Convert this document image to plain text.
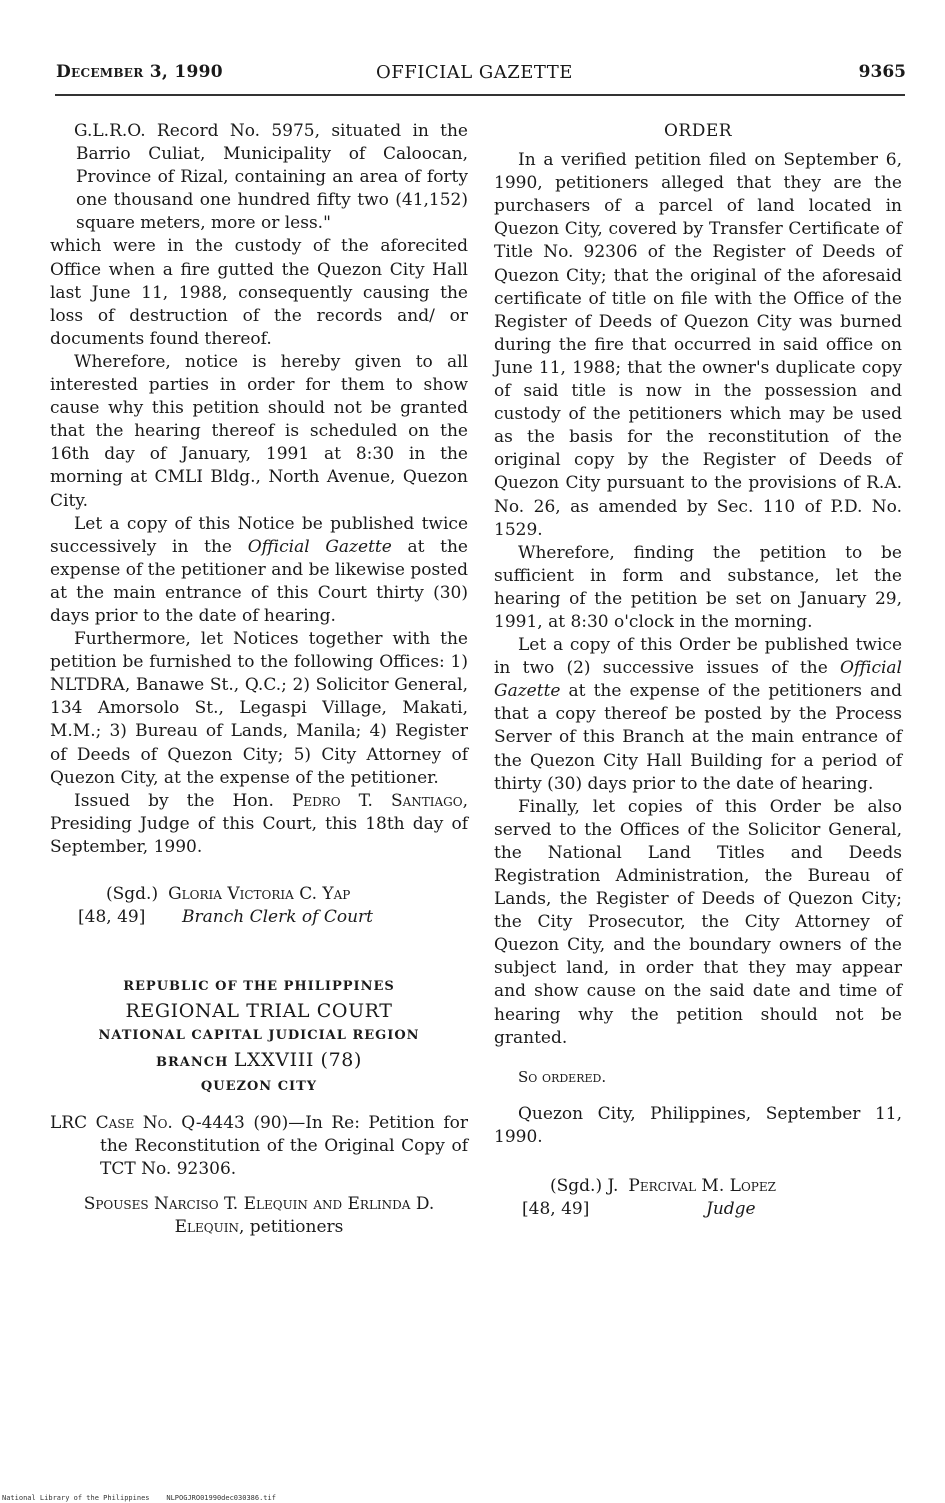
December 3, 1990	OFFICIAL GAZETTE	9365

G.L.R.O. Record No. 5975, situated in the Barrio Culiat, Municipality of Caloocan, Province of Rizal, containing an area of forty one thousand one hundred fifty two (41,152) square meters, more or less."

which were in the custody of the aforecited Office when a fire gutted the Quezon City Hall last June 11, 1988, consequently causing the loss of destruction of the records and/ or documents found thereof.

Wherefore, notice is hereby given to all interested parties in order for them to show cause why this petition should not be granted that the hearing thereof is scheduled on the 16th day of January, 1991 at 8:30 in the morning at CMLI Bldg., North Avenue, Quezon City.

Let a copy of this Notice be published twice successively in the Official Gazette at the expense of the petitioner and be likewise posted at the main entrance of this Court thirty (30) days prior to the date of hearing.

Furthermore, let Notices together with the petition be furnished to the following Offices: 1) NLTDRA, Banawe St., Q.C.; 2) Solicitor General, 134 Amorsolo St., Legaspi Village, Makati, M.M.; 3) Bureau of Lands, Manila; 4) Register of Deeds of Quezon City; 5) City Attorney of Quezon City, at the expense of the petitioner.

Issued by the Hon. Pedro T. Santiago, Presiding Judge of this Court, this 18th day of September, 1990.

(Sgd.) Gloria Victoria C. Yap
[48, 49]	Branch Clerk of Court
REPUBLIC OF THE PHILIPPINES
REGIONAL TRIAL COURT
NATIONAL CAPITAL JUDICIAL REGION
BRANCH LXXVIII (78)
QUEZON CITY

LRC Case No. Q-4443 (90)—In Re: Petition for the Reconstitution of the Original Copy of TCT No. 92306.

Spouses Narciso T. Elequin and Erlinda D. Elequin, petitioners

ORDER

In a verified petition filed on September 6, 1990, petitioners alleged that they are the purchasers of a parcel of land located in Quezon City, covered by Transfer Certificate of Title No. 92306 of the Register of Deeds of Quezon City; that the original of the aforesaid certificate of title on file with the Office of the Register of Deeds of Quezon City was burned during the fire that occurred in said office on June 11, 1988; that the owner's duplicate copy of said title is now in the possession and custody of the petitioners which may be used as the basis for the reconstitution of the original copy by the Register of Deeds of Quezon City pursuant to the provisions of R.A. No. 26, as amended by Sec. 110 of P.D. No. 1529.

Wherefore, finding the petition to be sufficient in form and substance, let the hearing of the petition be set on January 29, 1991, at 8:30 o'clock in the morning.

Let a copy of this Order be published twice in two (2) successive issues of the Official Gazette at the expense of the petitioners and that a copy thereof be posted by the Process Server of this Branch at the main entrance of the Quezon City Hall Building for a period of thirty (30) days prior to the date of hearing.

Finally, let copies of this Order be also served to the Offices of the Solicitor General, the National Land Titles and Deeds Registration Administration, the Bureau of Lands, the Register of Deeds of Quezon City; the City Prosecutor, the City Attorney of Quezon City, and the boundary owners of the subject land, in order that they may appear and show cause on the said date and time of hearing why the petition should not be granted.

So ordered.

Quezon City, Philippines, September 11, 1990.

(Sgd.) J. Percival M. Lopez
[48, 49]	Judge
National Library of the Philippines NLPOGJRO01990dec030386.tif
